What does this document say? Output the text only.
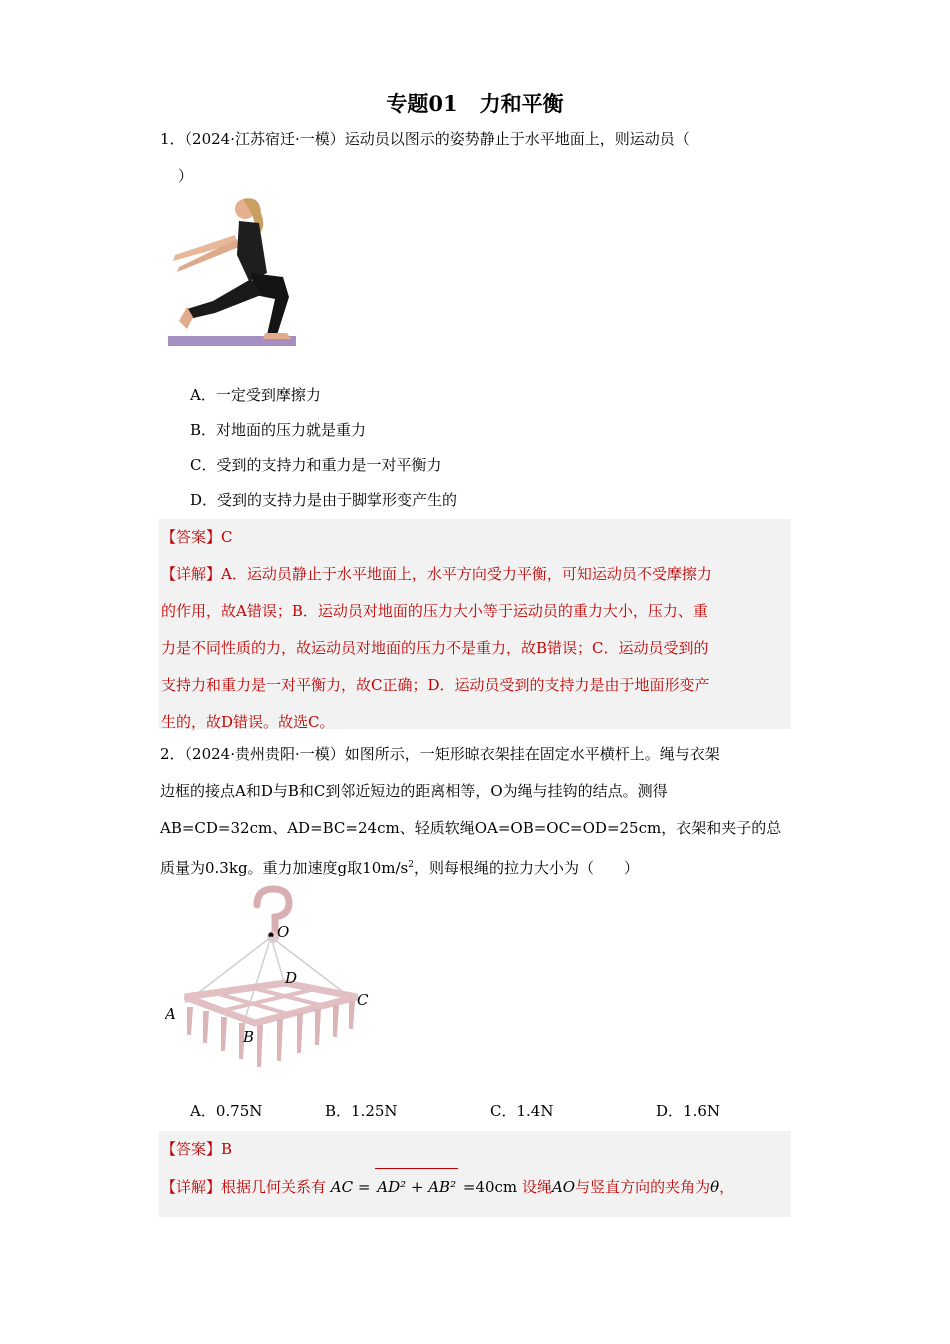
专题01 力和平衡
1．（2024·江苏宿迁·一模）运动员以图示的姿势静止于水平地面上，则运动员（
）
A．一定受到摩擦力
B．对地面的压力就是重力
C．受到的支持力和重力是一对平衡力
D．受到的支持力是由于脚掌形变产生的
【答案】C
【详解】A．运动员静止于水平地面上，水平方向受力平衡，可知运动员不受摩擦力
的作用，故A错误；B．运动员对地面的压力大小等于运动员的重力大小，压力、重
力是不同性质的力，故运动员对地面的压力不是重力，故B错误；C．运动员受到的
支持力和重力是一对平衡力，故C正确；D．运动员受到的支持力是由于地面形变产
生的，故D错误。故选C。
2．（2024·贵州贵阳·一模）如图所示，一矩形晾衣架挂在固定水平横杆上。绳与衣架
边框的接点A和D与B和C到邻近短边的距离相等，O为绳与挂钩的结点。测得
AB=CD=32cm、AD=BC=24cm、轻质软绳OA=OB=OC=OD=25cm，衣架和夹子的总
质量为0.3kg。重力加速度g取$10m/s^2$，则每根绳的拉力大小为（　　）
O
D
C
A
B
A．0.75N	B．1.25N	C．1.4N	D．1.6N
【答案】B
【详解】根据几何关系有 AC = AD² + AB² =40cm 设绳AO与竖直方向的夹角为θ，
